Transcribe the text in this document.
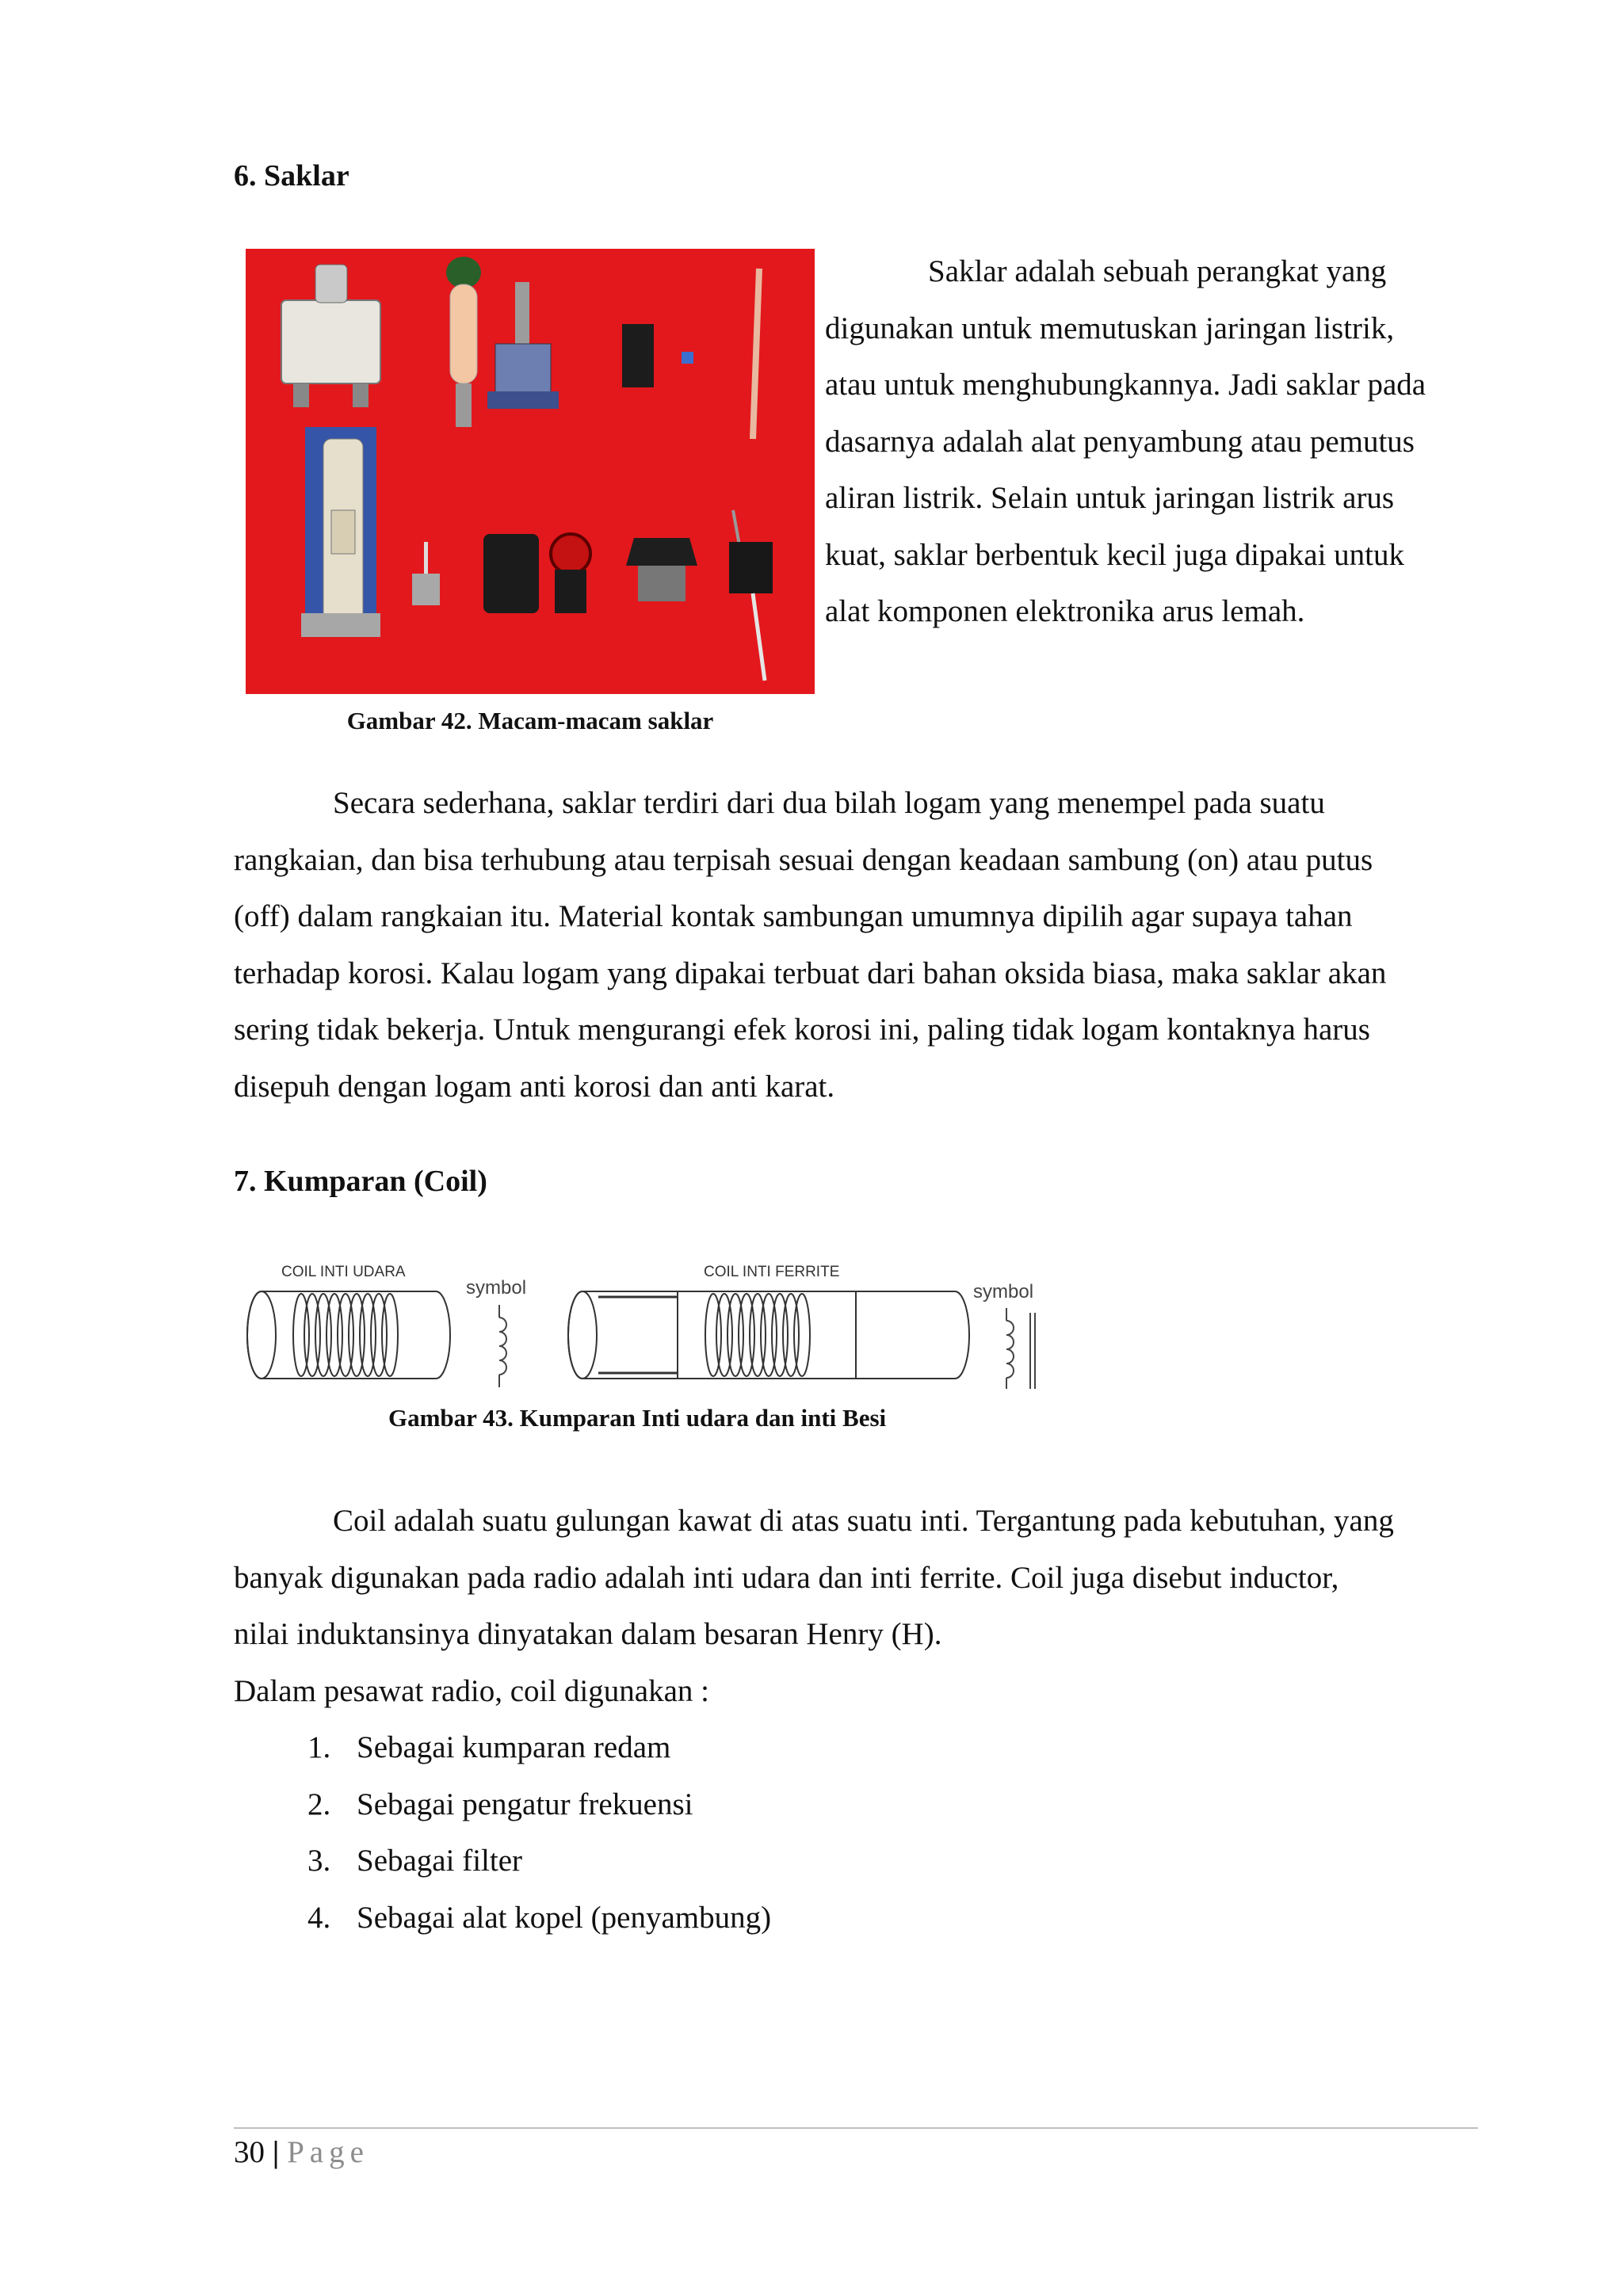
6. Saklar
Saklar adalah sebuah perangkat yang
digunakan untuk memutuskan jaringan listrik,
atau untuk menghubungkannya. Jadi saklar pada
dasarnya adalah alat penyambung atau pemutus
aliran listrik. Selain untuk jaringan listrik arus
kuat, saklar berbentuk kecil juga dipakai untuk
alat komponen elektronika arus lemah.
Gambar 42. Macam-macam saklar
Secara sederhana, saklar terdiri dari dua bilah logam yang menempel pada suatu
rangkaian, dan bisa terhubung atau terpisah sesuai dengan keadaan sambung (on) atau putus
(off) dalam rangkaian itu. Material kontak sambungan umumnya dipilih agar supaya tahan
terhadap korosi. Kalau logam yang dipakai terbuat dari bahan oksida biasa, maka saklar akan
sering tidak bekerja. Untuk mengurangi efek korosi ini, paling tidak logam kontaknya harus
disepuh dengan logam anti korosi dan anti karat.
7. Kumparan (Coil)
COIL INTI UDARA
symbol
COIL INTI FERRITE
symbol
Gambar 43. Kumparan Inti udara dan inti Besi
Coil adalah suatu gulungan kawat di atas suatu inti. Tergantung pada kebutuhan, yang
banyak digunakan pada radio adalah inti udara dan inti ferrite. Coil juga disebut inductor,
nilai induktansinya dinyatakan dalam besaran Henry (H).
Dalam pesawat radio, coil digunakan :
1. Sebagai kumparan redam
2. Sebagai pengatur frekuensi
3. Sebagai filter
4. Sebagai alat kopel (penyambung)
30 | Page
